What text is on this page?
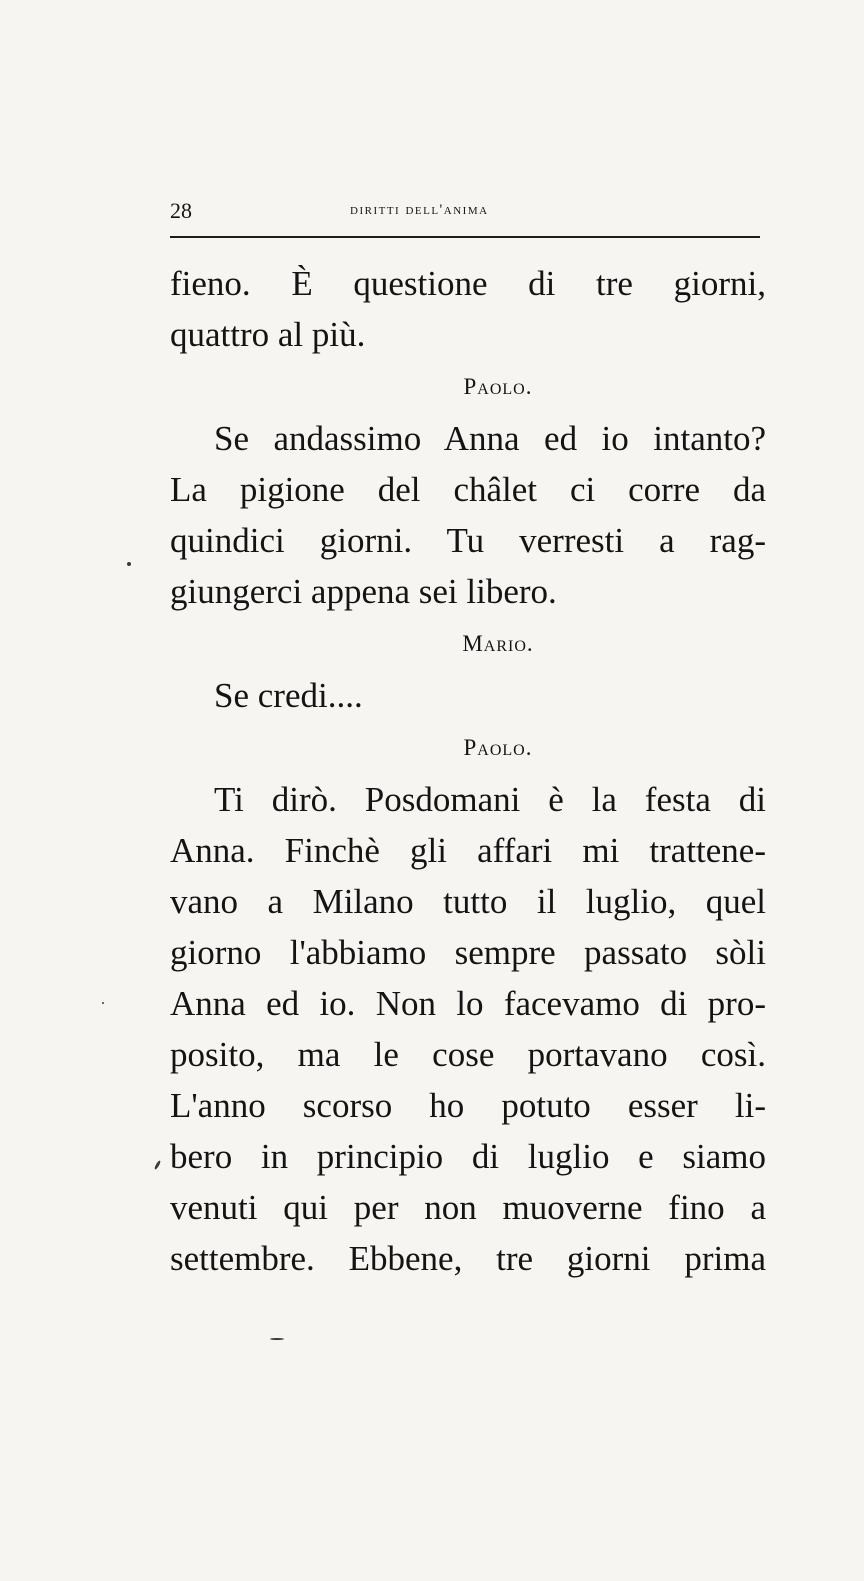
28	diritti dell'anima
fieno. È questione di tre giorni,
quattro al più.
Paolo.
Se andassimo Anna ed io intanto?
La pigione del châlet ci corre da
quindici giorni. Tu verresti a rag-
giungerci appena sei libero.
Mario.
Se credi....
Paolo.
Ti dirò. Posdomani è la festa di
Anna. Finchè gli affari mi trattene-
vano a Milano tutto il luglio, quel
giorno l'abbiamo sempre passato sòli
Anna ed io. Non lo facevamo di pro-
posito, ma le cose portavano così.
L'anno scorso ho potuto esser li-
bero in principio di luglio e siamo
venuti qui per non muoverne fino a
settembre. Ebbene, tre giorni prima
